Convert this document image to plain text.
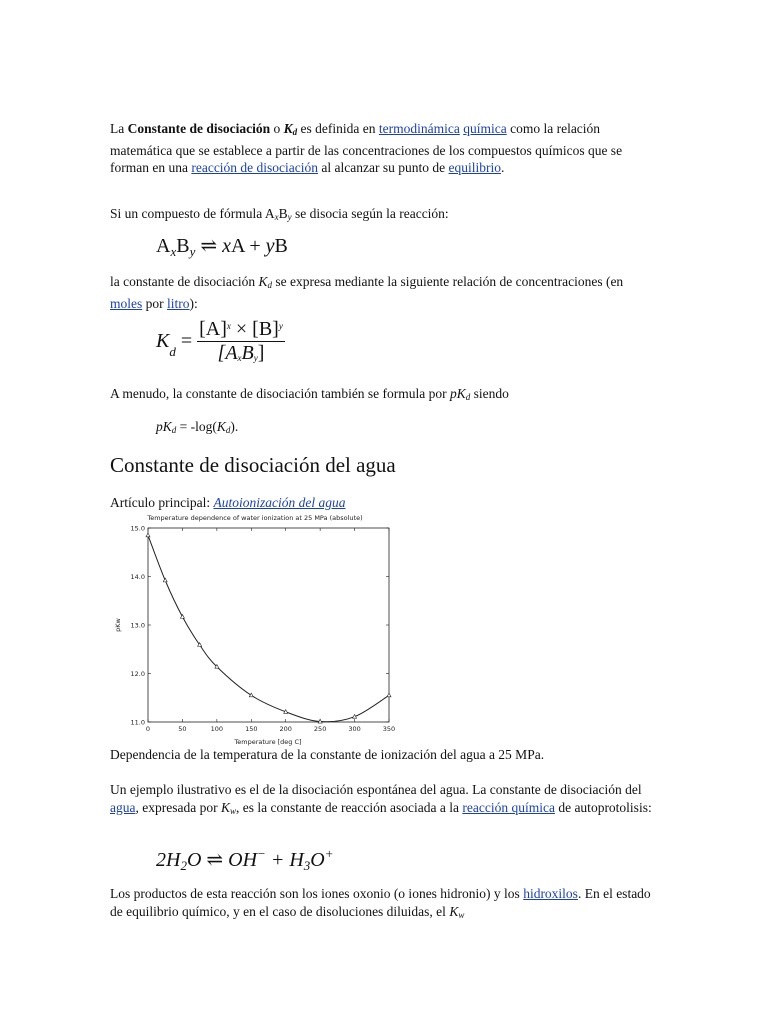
La Constante de disociación o $K_d$ es definida en termodinámica química como la relación matemática que se establece a partir de las concentraciones de los compuestos químicos que se forman en una reacción de disociación al alcanzar su punto de equilibrio.

Si un compuesto de fórmula $A_xB_y$ se disocia según la reacción:

$A_xB_y$ ⇌ xA + yB

la constante de disociación $K_d$ se expresa mediante la siguiente relación de concentraciones (en moles por litro):

$K_d = \frac{[A]^x \times [B]^y}{[A_xB_y]}$

A menudo, la constante de disociación también se formula por $pK_d$ siendo

$pK_d = -\log(K_d)$.

Constante de disociación del agua

Artículo principal: Autoionización del agua

Temperature dependence of water ionization at 25 MPa (absolute)
0	50	100	150	200	250	300	350
11.0
12.0
13.0
14.0
15.0
Temperature [deg C]
pKw

Dependencia de la temperatura de la constante de ionización del agua a 25 MPa.

Un ejemplo ilustrativo es el de la disociación espontánea del agua. La constante de disociación del agua, expresada por $K_w$, es la constante de reacción asociada a la reacción química de autoprotolisis:

$2H_2O$ ⇌ $OH^- + H_3O^+$

Los productos de esta reacción son los iones oxonio (o iones hidronio) y los hidroxilos. En el estado de equilibrio químico, y en el caso de disoluciones diluidas, el $K_w$
